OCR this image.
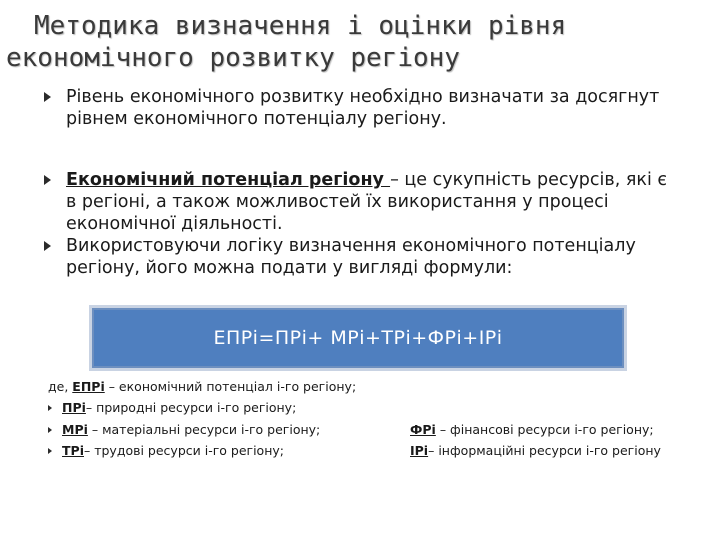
Методика визначення і оцінки рівня
економічного розвитку регіону
Рівень економічного розвитку необхідно визначати за досягнут
рівнем економічного потенціалу регіону.
Економічний потенціал регіону – це сукупність ресурсів, які є
в регіоні, а також можливостей їх використання у процесі
економічної діяльності.
Використовуючи логіку визначення економічного потенціалу
регіону, його можна подати у вигляді формули:
ЕПРі=ПРі+ МРі+ТРі+ФРі+ІРі
де, ЕПРі – економічний потенціал і-го регіону;
ПРі– природні ресурси і-го регіону;
МРі – матеріальні ресурси і-го регіону;
ТРі– трудові ресурси і-го регіону;
ФРі – фінансові ресурси і-го регіону;
ІРі– інформаційні ресурси і-го регіону
